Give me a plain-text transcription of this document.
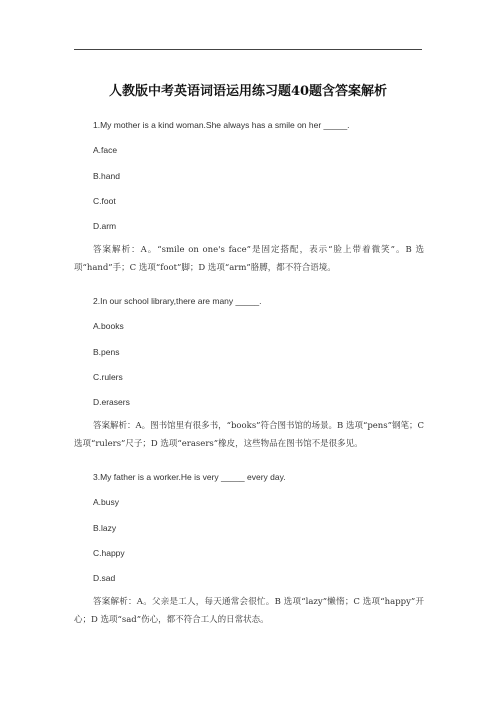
人教版中考英语词语运用练习题40题含答案解析
1.My mother is a kind woman.She always has a smile on her _____.
A.face
B.hand
C.foot
D.arm
答案解析：A。“smile on one's face”是固定搭配，表示“脸上带着微笑”。B 选项“hand”手；C 选项“foot”脚；D 选项“arm”胳膊，都不符合语境。
2.In our school library,there are many _____.
A.books
B.pens
C.rulers
D.erasers
答案解析：A。图书馆里有很多书，“books”符合图书馆的场景。B 选项“pens”钢笔；C 选项“rulers”尺子；D 选项“erasers”橡皮，这些物品在图书馆不是很多见。
3.My father is a worker.He is very _____ every day.
A.busy
B.lazy
C.happy
D.sad
答案解析：A。父亲是工人，每天通常会很忙。B 选项“lazy”懒惰；C 选项“happy”开心；D 选项“sad”伤心，都不符合工人的日常状态。
